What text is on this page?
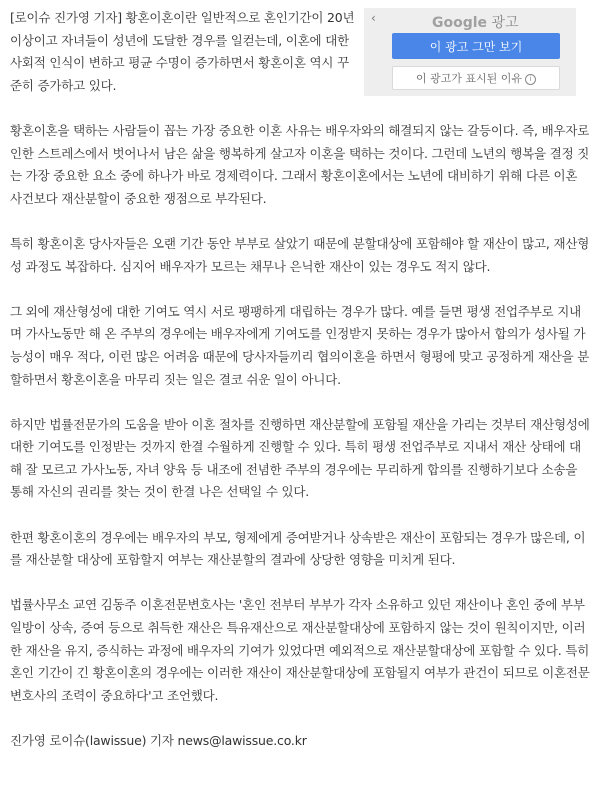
‹	Google 광고
이 광고 그만 보기
이 광고가 표시된 이유 i

[로이슈 진가영 기자] 황혼이혼이란 일반적으로 혼인기간이 20년 이상이고 자녀들이 성년에 도달한 경우를 일컫는데, 이혼에 대한 사회적 인식이 변하고 평균 수명이 증가하면서 황혼이혼 역시 꾸준히 증가하고 있다.

황혼이혼을 택하는 사람들이 꼽는 가장 중요한 이혼 사유는 배우자와의 해결되지 않는 갈등이다. 즉, 배우자로 인한 스트레스에서 벗어나서 남은 삶을 행복하게 살고자 이혼을 택하는 것이다. 그런데 노년의 행복을 결정 짓는 가장 중요한 요소 중에 하나가 바로 경제력이다. 그래서 황혼이혼에서는 노년에 대비하기 위해 다른 이혼 사건보다 재산분할이 중요한 쟁점으로 부각된다.

특히 황혼이혼 당사자들은 오랜 기간 동안 부부로 살았기 때문에 분할대상에 포함해야 할 재산이 많고, 재산형성 과정도 복잡하다. 심지어 배우자가 모르는 채무나 은닉한 재산이 있는 경우도 적지 않다.

그 외에 재산형성에 대한 기여도 역시 서로 팽팽하게 대립하는 경우가 많다. 예를 들면 평생 전업주부로 지내며 가사노동만 해 온 주부의 경우에는 배우자에게 기여도를 인정받지 못하는 경우가 많아서 합의가 성사될 가능성이 매우 적다, 이런 많은 어려움 때문에 당사자들끼리 협의이혼을 하면서 형평에 맞고 공정하게 재산을 분할하면서 황혼이혼을 마무리 짓는 일은 결코 쉬운 일이 아니다.

하지만 법률전문가의 도움을 받아 이혼 절차를 진행하면 재산분할에 포함될 재산을 가리는 것부터 재산형성에 대한 기여도를 인정받는 것까지 한결 수월하게 진행할 수 있다. 특히 평생 전업주부로 지내서 재산 상태에 대해 잘 모르고 가사노동, 자녀 양육 등 내조에 전념한 주부의 경우에는 무리하게 합의를 진행하기보다 소송을 통해 자신의 권리를 찾는 것이 한결 나은 선택일 수 있다.

한편 황혼이혼의 경우에는 배우자의 부모, 형제에게 증여받거나 상속받은 재산이 포함되는 경우가 많은데, 이를 재산분할 대상에 포함할지 여부는 재산분할의 결과에 상당한 영향을 미치게 된다.

법률사무소 교연 김동주 이혼전문변호사는 '혼인 전부터 부부가 각자 소유하고 있던 재산이나 혼인 중에 부부 일방이 상속, 증여 등으로 취득한 재산은 특유재산으로 재산분할대상에 포함하지 않는 것이 원칙이지만, 이러한 재산을 유지, 증식하는 과정에 배우자의 기여가 있었다면 예외적으로 재산분할대상에 포함할 수 있다. 특히 혼인 기간이 긴 황혼이혼의 경우에는 이러한 재산이 재산분할대상에 포함될지 여부가 관건이 되므로 이혼전문변호사의 조력이 중요하다'고 조언했다.

진가영 로이슈(lawissue) 기자 news@lawissue.co.kr
